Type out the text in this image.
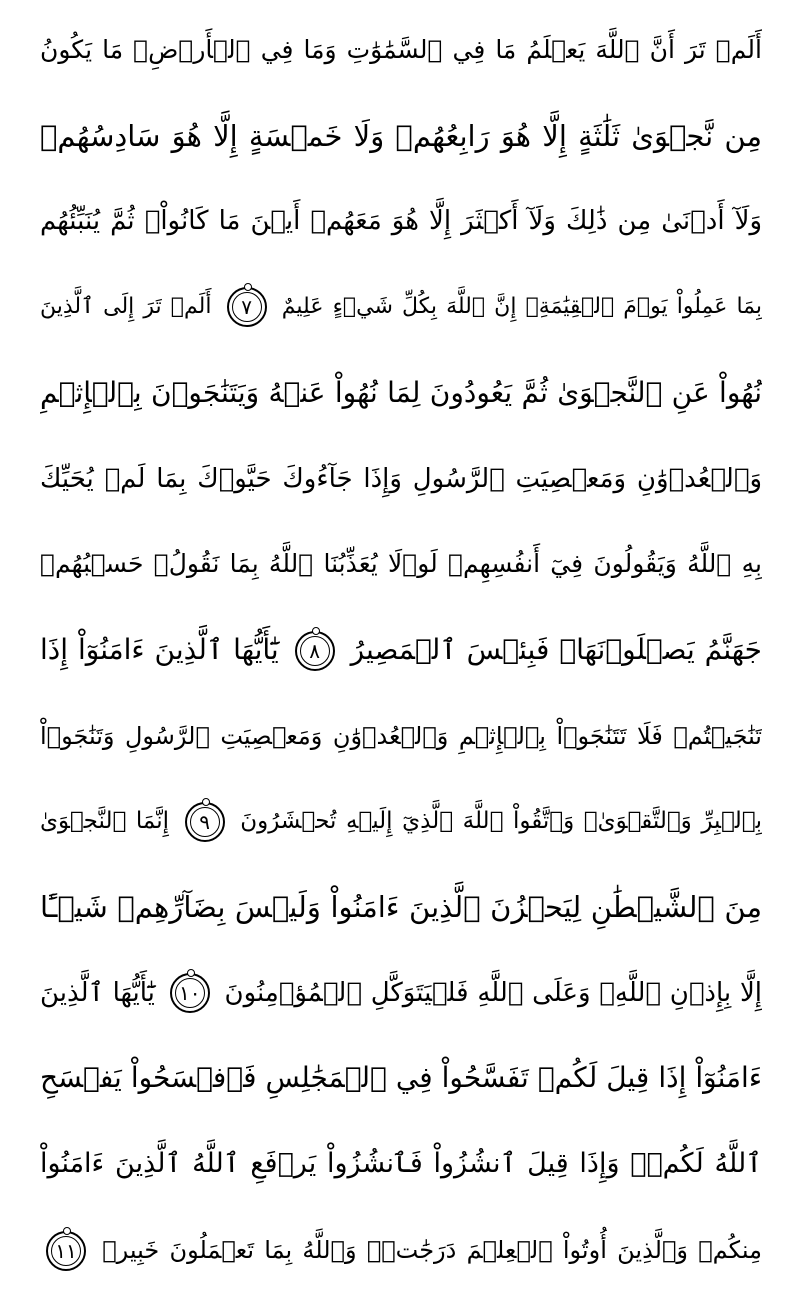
أَلَمۡ تَرَ أَنَّ ٱللَّهَ يَعۡلَمُ مَا فِي ٱلسَّمَٰوَٰتِ وَمَا فِي ٱلۡأَرۡضِۖ مَا يَكُونُ
مِن نَّجۡوَىٰ ثَلَٰثَةٍ إِلَّا هُوَ رَابِعُهُمۡ وَلَا خَمۡسَةٍ إِلَّا هُوَ سَادِسُهُمۡ
وَلَآ أَدۡنَىٰ مِن ذَٰلِكَ وَلَآ أَكۡثَرَ إِلَّا هُوَ مَعَهُمۡ أَيۡنَ مَا كَانُواْۖ ثُمَّ يُنَبِّئُهُم
بِمَا عَمِلُواْ يَوۡمَ ٱلۡقِيَٰمَةِۚ إِنَّ ٱللَّهَ بِكُلِّ شَيۡءٍ عَلِيمٌ ٧ أَلَمۡ تَرَ إِلَى ٱلَّذِينَ
نُهُواْ عَنِ ٱلنَّجۡوَىٰ ثُمَّ يَعُودُونَ لِمَا نُهُواْ عَنۡهُ وَيَتَنَٰجَوۡنَ بِٱلۡإِثۡمِ
وَٱلۡعُدۡوَٰنِ وَمَعۡصِيَتِ ٱلرَّسُولِ وَإِذَا جَآءُوكَ حَيَّوۡكَ بِمَا لَمۡ يُحَيِّكَ
بِهِ ٱللَّهُ وَيَقُولُونَ فِيٓ أَنفُسِهِمۡ لَوۡلَا يُعَذِّبُنَا ٱللَّهُ بِمَا نَقُولُۚ حَسۡبُهُمۡ
جَهَنَّمُ يَصۡلَوۡنَهَاۖ فَبِئۡسَ ٱلۡمَصِيرُ ٨ يَٰٓأَيُّهَا ٱلَّذِينَ ءَامَنُوٓاْ إِذَا
تَنَٰجَيۡتُمۡ فَلَا تَتَنَٰجَوۡاْ بِٱلۡإِثۡمِ وَٱلۡعُدۡوَٰنِ وَمَعۡصِيَتِ ٱلرَّسُولِ وَتَنَٰجَوۡاْ
بِٱلۡبِرِّ وَٱلتَّقۡوَىٰۖ وَٱتَّقُواْ ٱللَّهَ ٱلَّذِيٓ إِلَيۡهِ تُحۡشَرُونَ ٩ إِنَّمَا ٱلنَّجۡوَىٰ
مِنَ ٱلشَّيۡطَٰنِ لِيَحۡزُنَ ٱلَّذِينَ ءَامَنُواْ وَلَيۡسَ بِضَآرِّهِمۡ شَيۡـًٔا
إِلَّا بِإِذۡنِ ٱللَّهِۚ وَعَلَى ٱللَّهِ فَلۡيَتَوَكَّلِ ٱلۡمُؤۡمِنُونَ ١٠ يَٰٓأَيُّهَا ٱلَّذِينَ
ءَامَنُوٓاْ إِذَا قِيلَ لَكُمۡ تَفَسَّحُواْ فِي ٱلۡمَجَٰلِسِ فَٱفۡسَحُواْ يَفۡسَحِ
ٱللَّهُ لَكُمۡۖ وَإِذَا قِيلَ ٱنشُزُواْ فَٱنشُزُواْ يَرۡفَعِ ٱللَّهُ ٱلَّذِينَ ءَامَنُواْ
مِنكُمۡ وَٱلَّذِينَ أُوتُواْ ٱلۡعِلۡمَ دَرَجَٰتٖۚ وَٱللَّهُ بِمَا تَعۡمَلُونَ خَبِيرٞ ١١
